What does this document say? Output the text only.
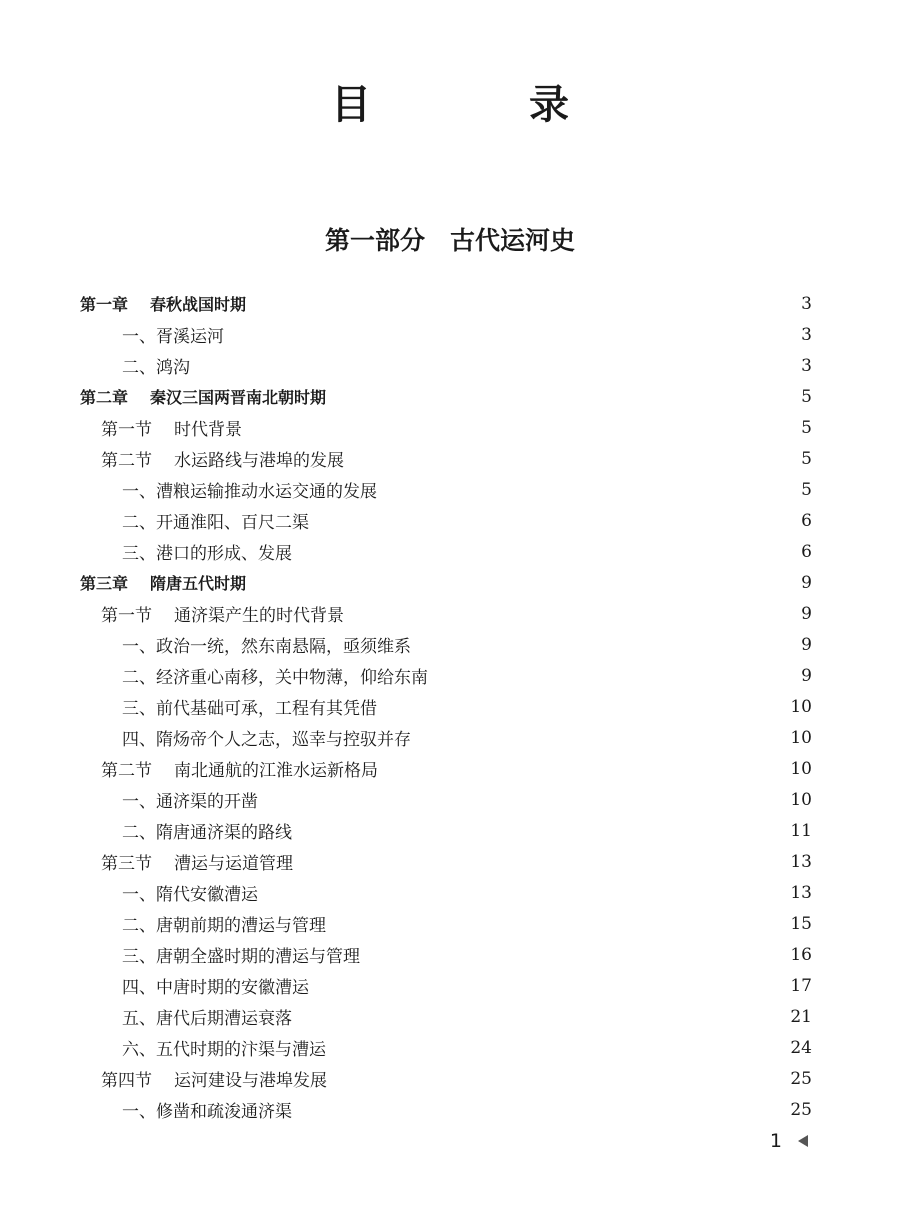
目 录
第一部分　古代运河史
第一章 春秋战国时期	3
一、胥溪运河	3
二、鸿沟	3
第二章 秦汉三国两晋南北朝时期	5
第一节 时代背景	5
第二节 水运路线与港埠的发展	5
一、漕粮运输推动水运交通的发展	5
二、开通淮阳、百尺二渠	6
三、港口的形成、发展	6
第三章 隋唐五代时期	9
第一节 通济渠产生的时代背景	9
一、政治一统，然东南悬隔，亟须维系	9
二、经济重心南移，关中物薄，仰给东南	9
三、前代基础可承，工程有其凭借	10
四、隋炀帝个人之志，巡幸与控驭并存	10
第二节 南北通航的江淮水运新格局	10
一、通济渠的开凿	10
二、隋唐通济渠的路线	11
第三节 漕运与运道管理	13
一、隋代安徽漕运	13
二、唐朝前期的漕运与管理	15
三、唐朝全盛时期的漕运与管理	16
四、中唐时期的安徽漕运	17
五、唐代后期漕运衰落	21
六、五代时期的汴渠与漕运	24
第四节 运河建设与港埠发展	25
一、修凿和疏浚通济渠	25
1
